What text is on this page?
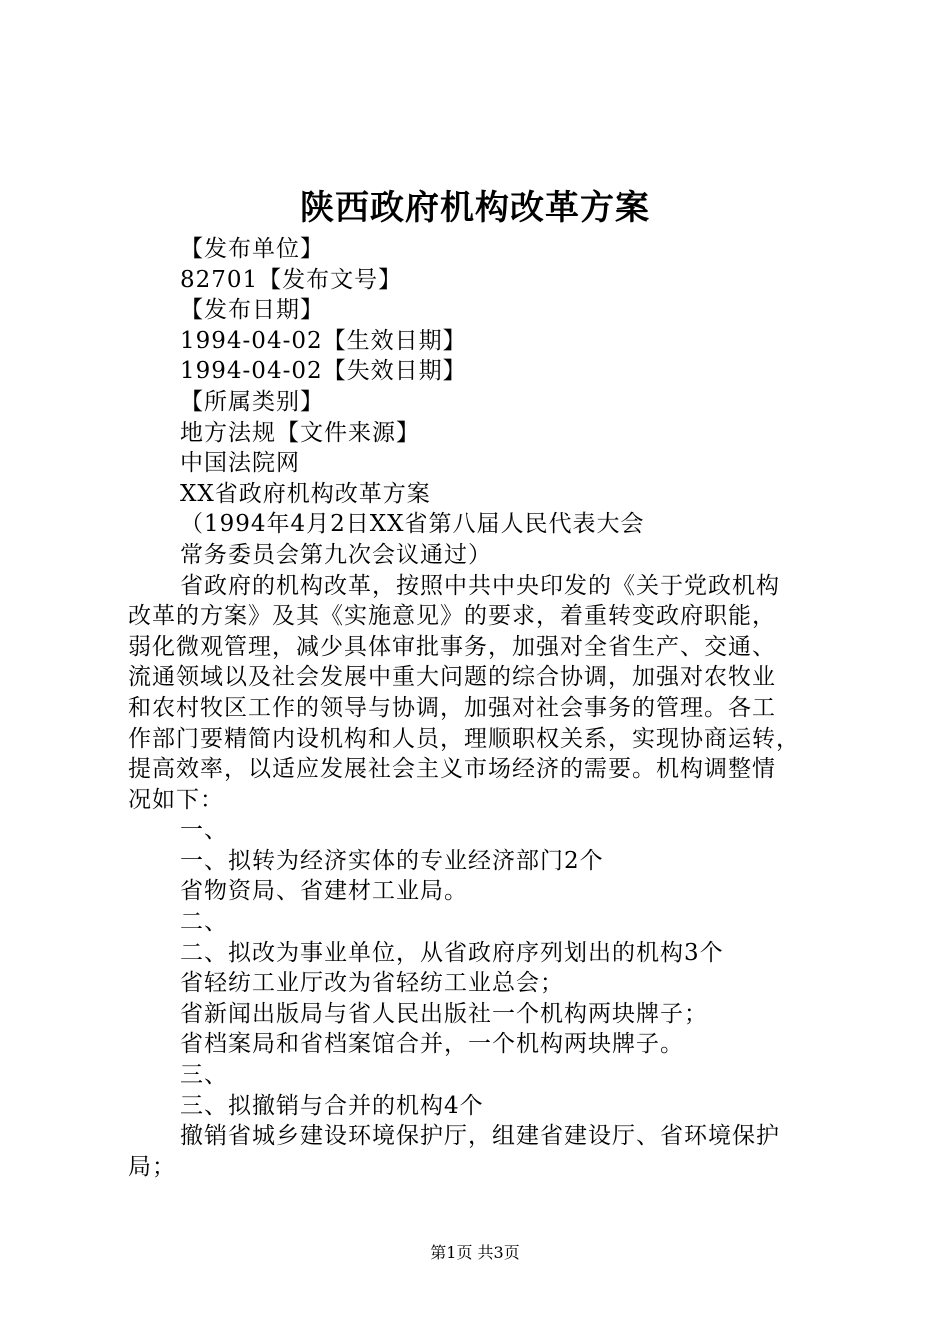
陕西政府机构改革方案
【发布单位】
82701【发布文号】
【发布日期】
1994-04-02【生效日期】
1994-04-02【失效日期】
【所属类别】
地方法规【文件来源】
中国法院网
XX省政府机构改革方案
（1994年4月2日XX省第八届人民代表大会
常务委员会第九次会议通过）
省政府的机构改革，按照中共中央印发的《关于党政机构
改革的方案》及其《实施意见》的要求，着重转变政府职能，
弱化微观管理，减少具体审批事务，加强对全省生产、交通、
流通领域以及社会发展中重大问题的综合协调，加强对农牧业
和农村牧区工作的领导与协调，加强对社会事务的管理。各工
作部门要精简内设机构和人员，理顺职权关系，实现协商运转，
提高效率，以适应发展社会主义市场经济的需要。机构调整情
况如下：
一、
一、拟转为经济实体的专业经济部门2个
省物资局、省建材工业局。
二、
二、拟改为事业单位，从省政府序列划出的机构3个
省轻纺工业厅改为省轻纺工业总会；
省新闻出版局与省人民出版社一个机构两块牌子；
省档案局和省档案馆合并，一个机构两块牌子。
三、
三、拟撤销与合并的机构4个
撤销省城乡建设环境保护厅，组建省建设厅、省环境保护
局；
第1页 共3页
